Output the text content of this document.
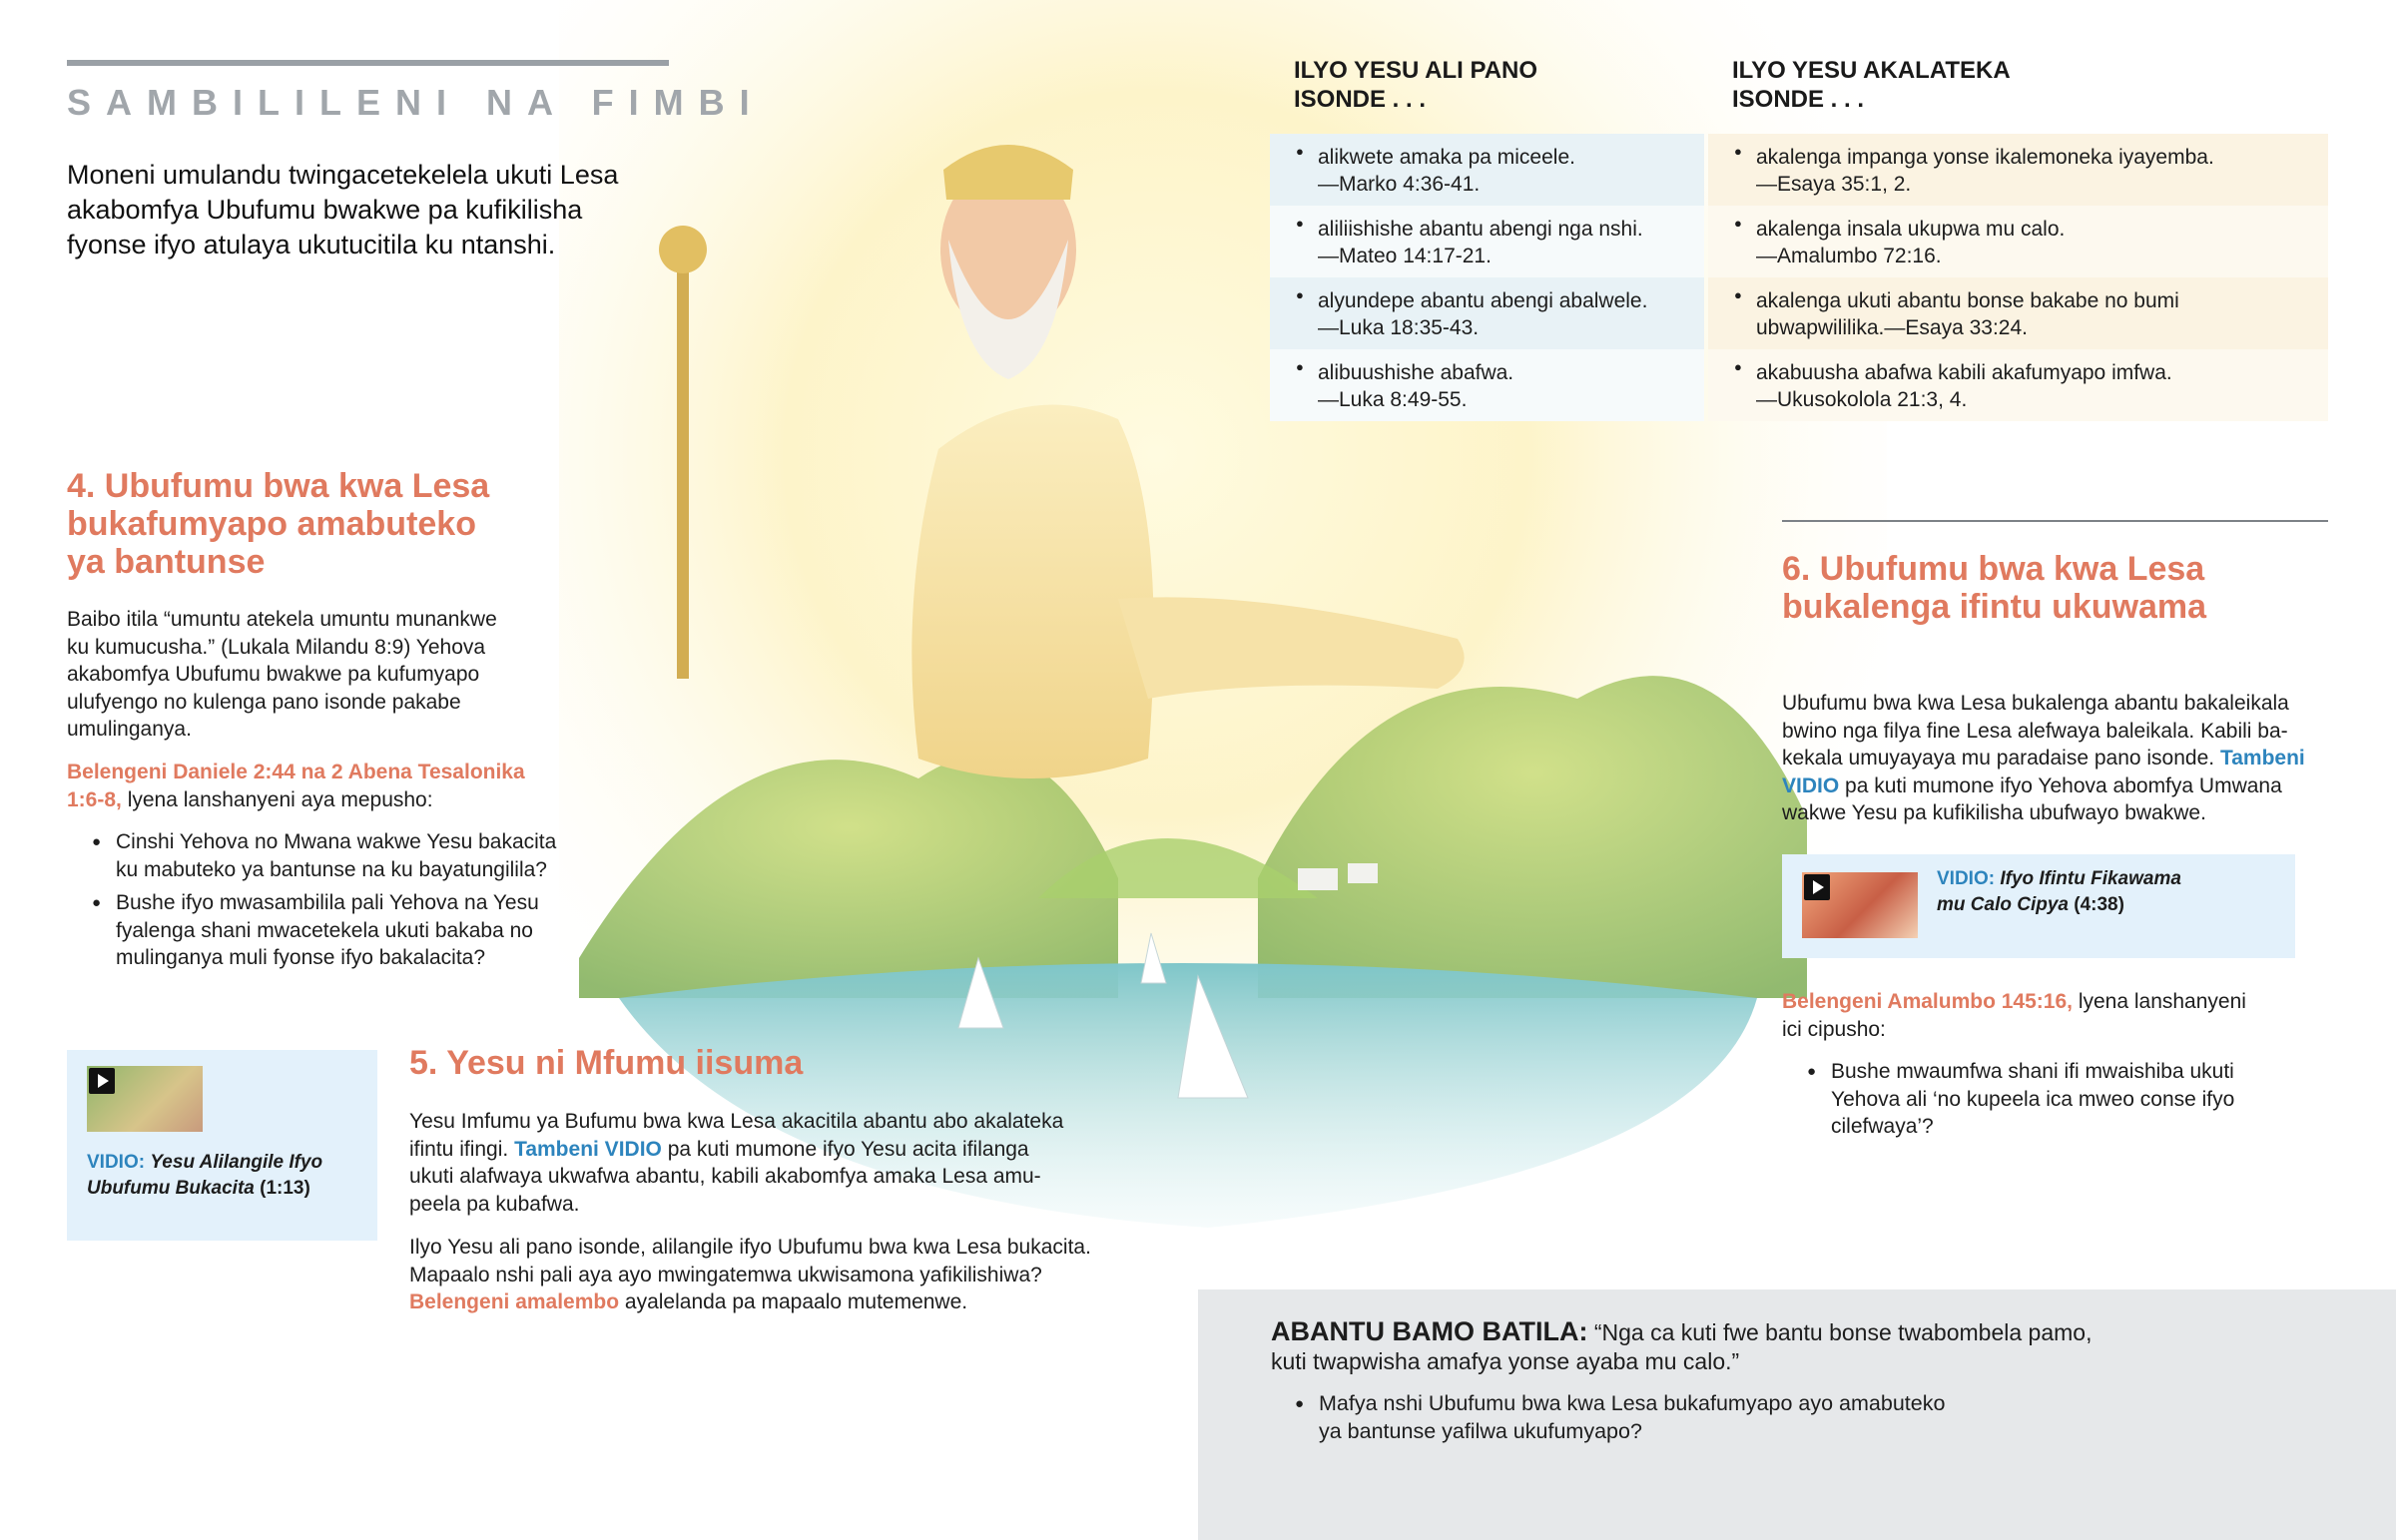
SAMBILILENI NA FIMBI
Moneni umulandu twingacetekelela ukuti Lesa akabomfya Ubufumu bwakwe pa kufikilisha fyonse ifyo atulaya ukutucitila ku ntanshi.
ILYO YESU ALI PANO
ISONDE . . .
ILYO YESU AKALATEKA
ISONDE . . .
● alikwete amaka pa miceele.
—Marko 4:36-41.
● akalenga impanga yonse ikalemoneka iyayemba.
—Esaya 35:1, 2.
● aliliishishe abantu abengi nga nshi.
—Mateo 14:17-21.
● akalenga insala ukupwa mu calo.
—Amalumbo 72:16.
● alyundepe abantu abengi abalwele.
—Luka 18:35-43.
● akalenga ukuti abantu bonse bakabe no bumi
ubwapwililika.—Esaya 33:24.
● alibuushishe abafwa.
—Luka 8:49-55.
● akabuusha abafwa kabili akafumyapo imfwa.
—Ukusokolola 21:3, 4.
4. Ubufumu bwa kwa Lesa
bukafumyapo amabuteko
ya bantunse
Baibo itila “umuntu atekela umuntu munankwe
ku kumucusha.” (Lukala Milandu 8:9) Yehova
akabomfya Ubufumu bwakwe pa kufumyapo
ulufyengo no kulenga pano isonde pakabe
umulinganya.
Belengeni Daniele 2:44 na 2 Abena Tesalonika
1:6-8, lyena lanshanyeni aya mepusho:
● Cinshi Yehova no Mwana wakwe Yesu bakacita
ku mabuteko ya bantunse na ku bayatungilila?
● Bushe ifyo mwasambilila pali Yehova na Yesu
fyalenga shani mwacetekela ukuti bakaba no
mulinganya muli fyonse ifyo bakalacita?
VIDIO: Yesu Alilangile Ifyo
Ubufumu Bukacita (1:13)
5. Yesu ni Mfumu iisuma
Yesu Imfumu ya Bufumu bwa kwa Lesa akacitila abantu abo akalateka
ifintu ifingi. Tambeni VIDIO pa kuti mumone ifyo Yesu acita ifilanga
ukuti alafwaya ukwafwa abantu, kabili akabomfya amaka Lesa amu-
peela pa kubafwa.
Ilyo Yesu ali pano isonde, alilangile ifyo Ubufumu bwa kwa Lesa bukacita.
Mapaalo nshi pali aya ayo mwingatemwa ukwisamona yafikilishiwa?
Belengeni amalembo ayalelanda pa mapaalo mutemenwe.
6. Ubufumu bwa kwa Lesa
bukalenga ifintu ukuwama
Ubufumu bwa kwa Lesa bukalenga abantu bakaleikala
bwino nga filya fine Lesa alefwaya baleikala. Kabili ba-
kekala umuyayaya mu paradaise pano isonde. Tambeni
VIDIO pa kuti mumone ifyo Yehova abomfya Umwana
wakwe Yesu pa kufikilisha ubufwayo bwakwe.
VIDIO: Ifyo Ifintu Fikawama
mu Calo Cipya (4:38)
Belengeni Amalumbo 145:16, lyena lanshanyeni
ici cipusho:
● Bushe mwaumfwa shani ifi mwaishiba ukuti
Yehova ali ‘no kupeela ica mweo conse ifyo
cilefwaya’?
ABANTU BAMO BATILA: “Nga ca kuti fwe bantu bonse twabombela pamo,
kuti twapwisha amafya yonse ayaba mu calo.”
● Mafya nshi Ubufumu bwa kwa Lesa bukafumyapo ayo amabuteko
ya bantunse yafilwa ukufumyapo?
